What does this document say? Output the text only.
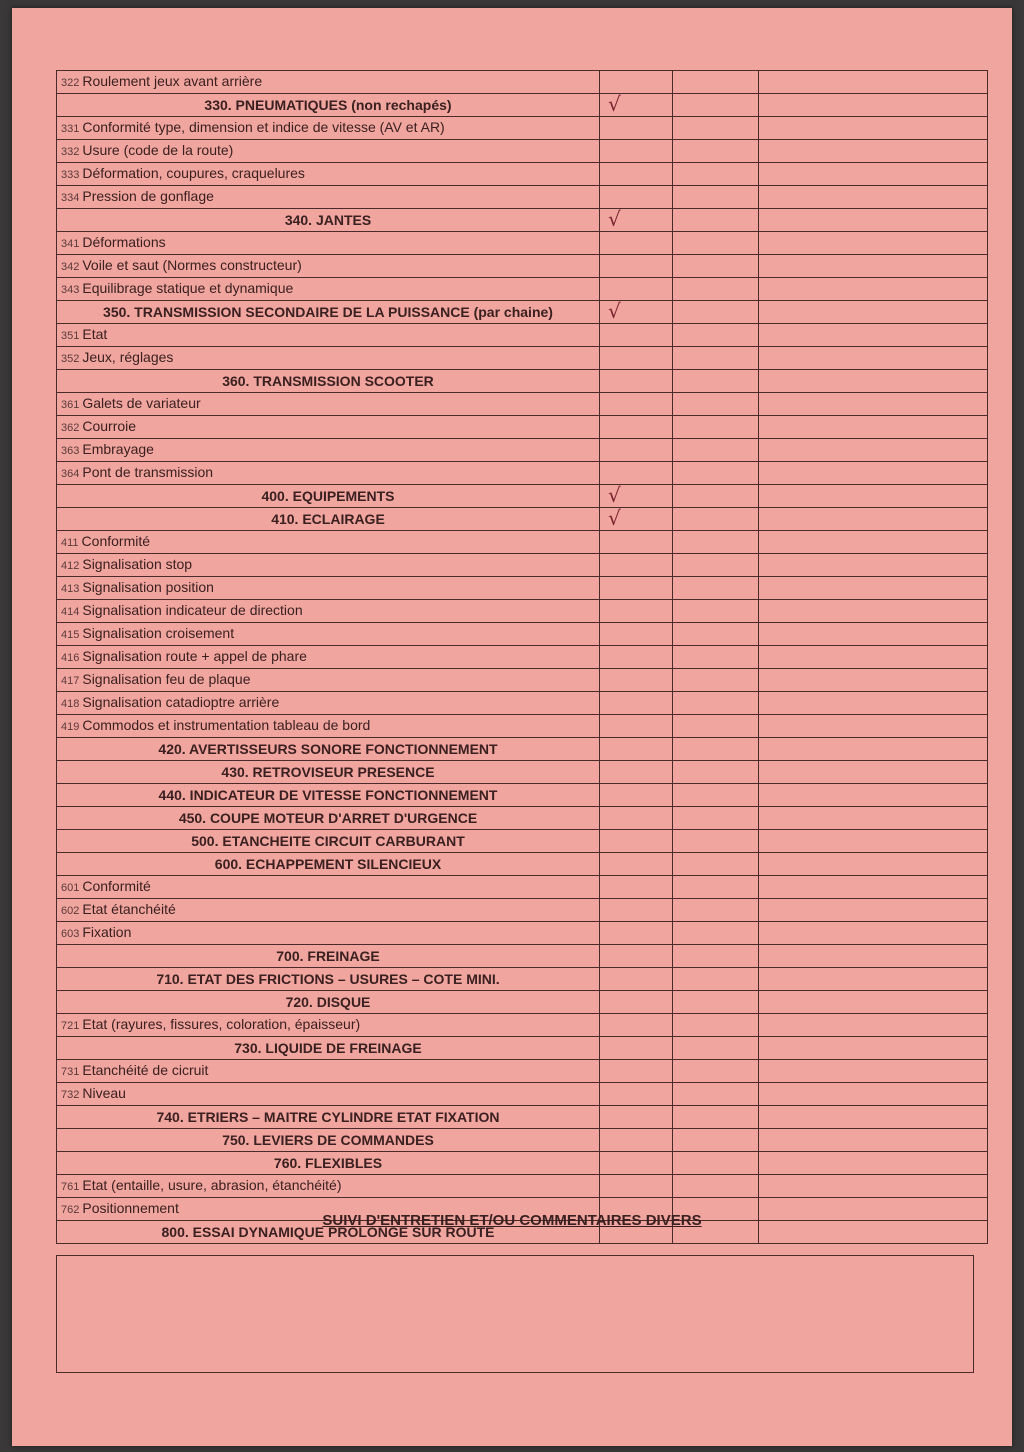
322 Roulement jeux avant arrière			
330. PNEUMATIQUES (non rechapés)	√		
331 Conformité type, dimension et indice de vitesse (AV et AR)			
332 Usure (code de la route)			
333 Déformation, coupures, craquelures			
334 Pression de gonflage			
340. JANTES	√		
341 Déformations			
342 Voile et saut (Normes constructeur)			
343 Equilibrage statique et dynamique			
350. TRANSMISSION SECONDAIRE DE LA PUISSANCE (par chaine)	√		
351 Etat			
352 Jeux, réglages			
360. TRANSMISSION SCOOTER			
361 Galets de variateur			
362 Courroie			
363 Embrayage			
364 Pont de transmission			
400. EQUIPEMENTS	√		
410. ECLAIRAGE	√		
411 Conformité			
412 Signalisation stop			
413 Signalisation position			
414 Signalisation indicateur de direction			
415 Signalisation croisement			
416 Signalisation route + appel de phare			
417 Signalisation feu de plaque			
418 Signalisation catadioptre arrière			
419 Commodos et instrumentation tableau de bord			
420. AVERTISSEURS SONORE FONCTIONNEMENT			
430. RETROVISEUR PRESENCE			
440. INDICATEUR DE VITESSE FONCTIONNEMENT			
450. COUPE MOTEUR D'ARRET D'URGENCE			
500. ETANCHEITE CIRCUIT CARBURANT			
600. ECHAPPEMENT SILENCIEUX			
601 Conformité			
602 Etat étanchéité			
603 Fixation			
700. FREINAGE			
710. ETAT DES FRICTIONS – USURES – COTE MINI.			
720. DISQUE			
721 Etat (rayures, fissures, coloration, épaisseur)			
730. LIQUIDE DE FREINAGE			
731 Etanchéité de cicruit			
732 Niveau			
740. ETRIERS – MAITRE CYLINDRE ETAT FIXATION			
750. LEVIERS DE COMMANDES			
760. FLEXIBLES			
761 Etat (entaille, usure, abrasion, étanchéité)			
762 Positionnement			
800. ESSAI DYNAMIQUE PROLONGE SUR ROUTE			
SUIVI D'ENTRETIEN ET/OU COMMENTAIRES DIVERS
